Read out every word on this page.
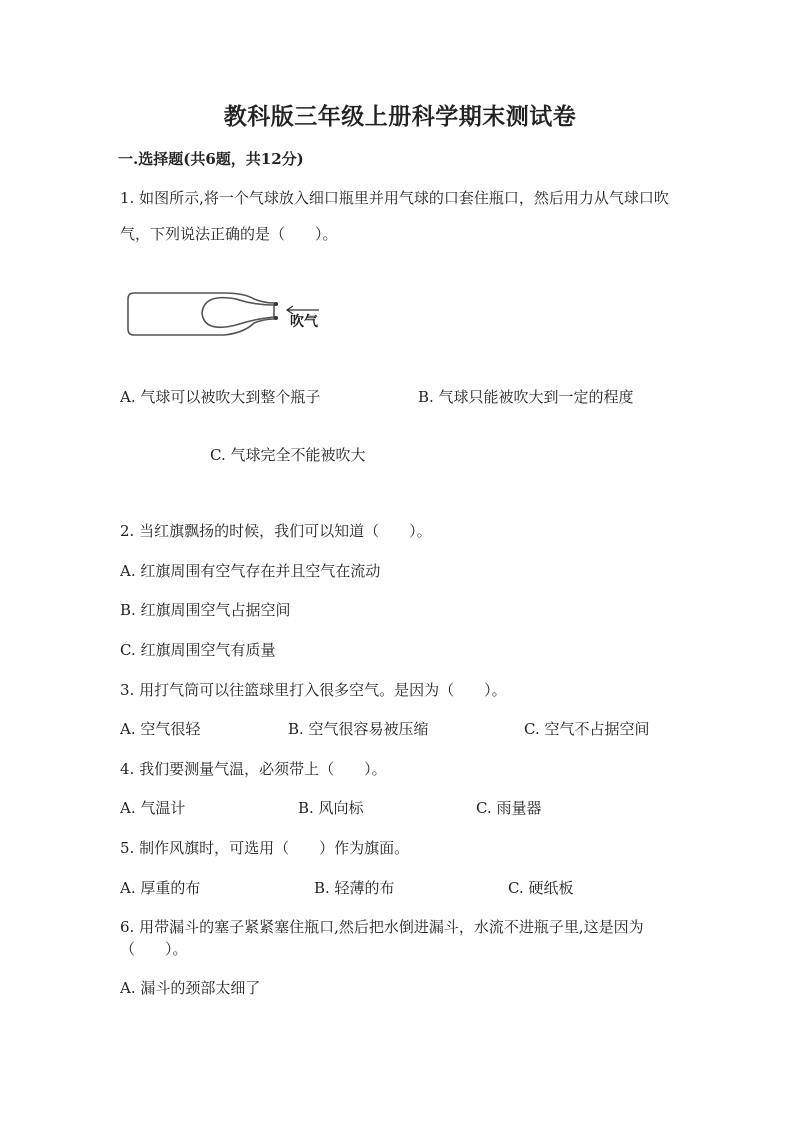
教科版三年级上册科学期末测试卷
一.选择题(共6题，共12分)
1. 如图所示,将一个气球放入细口瓶里并用气球的口套住瓶口，然后用力从气球口吹气，下列说法正确的是（　　）。
吹气
A. 气球可以被吹大到整个瓶子	B. 气球只能被吹大到一定的程度
C. 气球完全不能被吹大
2. 当红旗飘扬的时候，我们可以知道（　　）。
A. 红旗周围有空气存在并且空气在流动
B. 红旗周围空气占据空间
C. 红旗周围空气有质量
3. 用打气筒可以往篮球里打入很多空气。是因为（　　）。
A. 空气很轻	B. 空气很容易被压缩	C. 空气不占据空间
4. 我们要测量气温，必须带上（　　）。
A. 气温计	B. 风向标	C. 雨量器
5. 制作风旗时，可选用（　　）作为旗面。
A. 厚重的布	B. 轻薄的布	C. 硬纸板
6. 用带漏斗的塞子紧紧塞住瓶口,然后把水倒进漏斗，水流不进瓶子里,这是因为（　　）。
A. 漏斗的颈部太细了
